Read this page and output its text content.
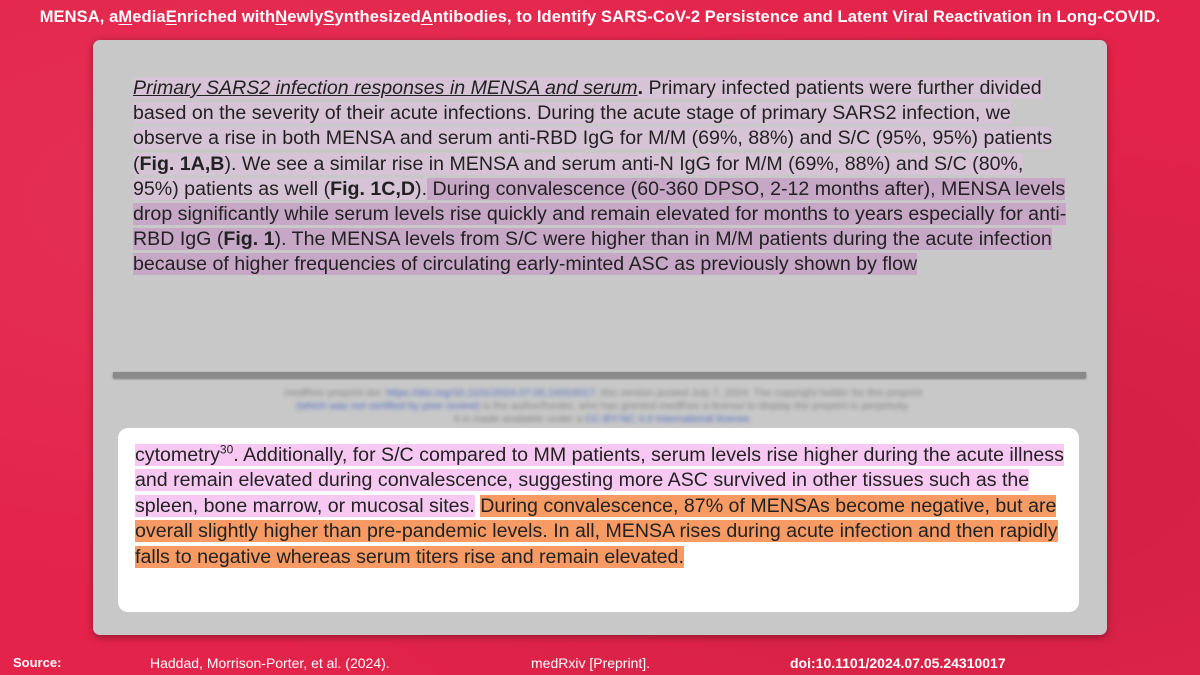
MENSA, a M edia E nriched with N ewly S ynthesized A ntibodies, to Identify SARS-CoV-2 Persistence and Latent Viral Reactivation in Long-COVID.

Primary SARS2 infection responses in MENSA and serum. Primary infected patients were further divided based on the severity of their acute infections. During the acute stage of primary SARS2 infection, we observe a rise in both MENSA and serum anti-RBD IgG for M/M (69%, 88%) and S/C (95%, 95%) patients (Fig. 1A,B). We see a similar rise in MENSA and serum anti-N IgG for M/M (69%, 88%) and S/C (80%, 95%) patients as well (Fig. 1C,D). During convalescence (60-360 DPSO, 2-12 months after), MENSA levels drop significantly while serum levels rise quickly and remain elevated for months to years especially for anti-RBD IgG (Fig. 1). The MENSA levels from S/C were higher than in M/M patients during the acute infection because of higher frequencies of circulating early-minted ASC as previously shown by flow

medRxiv preprint doi: https://doi.org/10.1101/2024.07.05.24310017; this version posted July 7, 2024. The copyright holder for this preprint
(which was not certified by peer review) is the author/funder, who has granted medRxiv a license to display the preprint in perpetuity.
It is made available under a CC-BY-NC 4.0 International license.

cytometry$^{30}$. Additionally, for S/C compared to MM patients, serum levels rise higher during the acute illness and remain elevated during convalescence, suggesting more ASC survived in other tissues such as the spleen, bone marrow, or mucosal sites. During convalescence, 87% of MENSAs become negative, but are overall slightly higher than pre-pandemic levels. In all, MENSA rises during acute infection and then rapidly falls to negative whereas serum titers rise and remain elevated.

Source:	Haddad, Morrison-Porter, et al. (2024).	medRxiv [Preprint].	doi:10.1101/2024.07.05.24310017
